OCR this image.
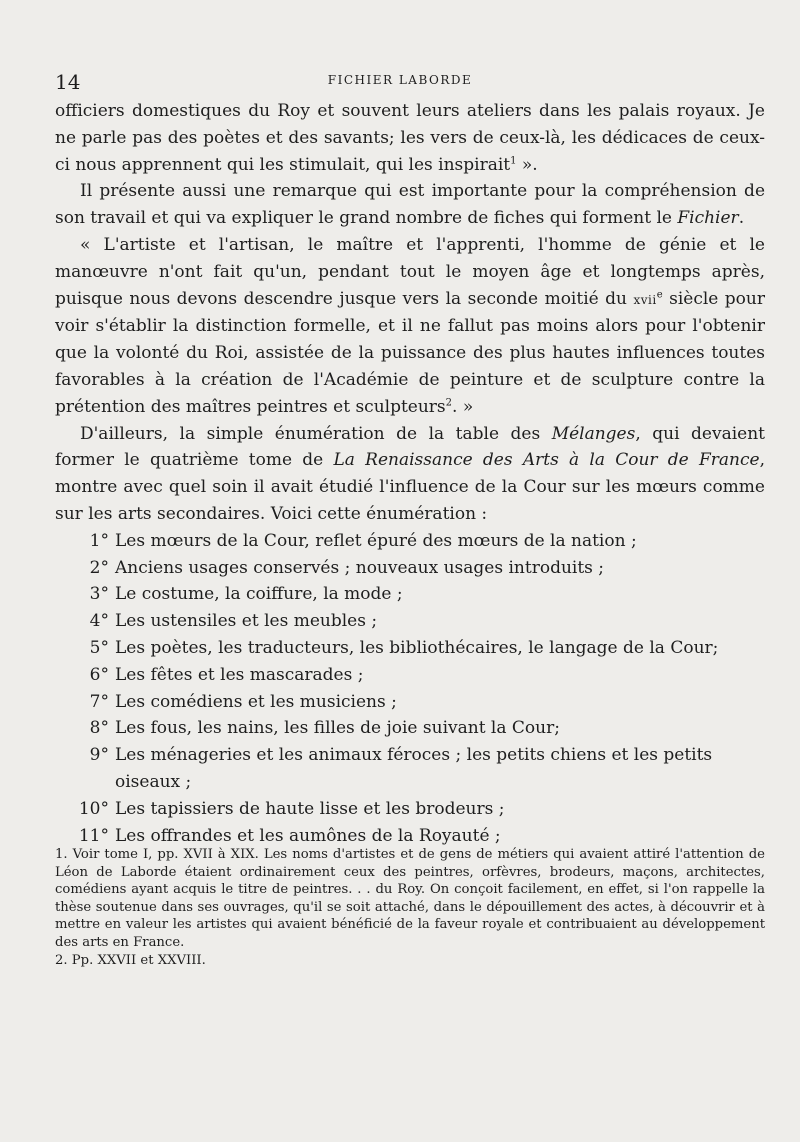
14	FICHIER LABORDE

officiers domestiques du Roy et souvent leurs ateliers dans les palais royaux. Je ne parle pas des poètes et des savants; les vers de ceux-là, les dédicaces de ceux-ci nous apprennent qui les stimulait, qui les inspirait$^1$ ».

Il présente aussi une remarque qui est importante pour la compréhension de son travail et qui va expliquer le grand nombre de fiches qui forment le Fichier.

« L'artiste et l'artisan, le maître et l'apprenti, l'homme de génie et le manœuvre n'ont fait qu'un, pendant tout le moyen âge et longtemps après, puisque nous devons descendre jusque vers la seconde moitié du xvii$^e$ siècle pour voir s'établir la distinction formelle, et il ne fallut pas moins alors pour l'obtenir que la volonté du Roi, assistée de la puissance des plus hautes influences toutes favorables à la création de l'Académie de peinture et de sculpture contre la prétention des maîtres peintres et sculpteurs$^2$. »

D'ailleurs, la simple énumération de la table des Mélanges, qui devaient former le quatrième tome de La Renaissance des Arts à la Cour de France, montre avec quel soin il avait étudié l'influence de la Cour sur les mœurs comme sur les arts secondaires. Voici cette énumération :

1° Les mœurs de la Cour, reflet épuré des mœurs de la nation ;
2° Anciens usages conservés ; nouveaux usages introduits ;
3° Le costume, la coiffure, la mode ;
4° Les ustensiles et les meubles ;
5° Les poètes, les traducteurs, les bibliothécaires, le langage de la Cour;
6° Les fêtes et les mascarades ;
7° Les comédiens et les musiciens ;
8° Les fous, les nains, les filles de joie suivant la Cour;
9° Les ménageries et les animaux féroces ; les petits chiens et les petits oiseaux ;
10° Les tapissiers de haute lisse et les brodeurs ;
11° Les offrandes et les aumônes de la Royauté ;

1. Voir tome I, pp. XVII à XIX. Les noms d'artistes et de gens de métiers qui avaient attiré l'attention de Léon de Laborde étaient ordinairement ceux des peintres, orfèvres, brodeurs, maçons, architectes, comédiens ayant acquis le titre de peintres. . . du Roy. On conçoit facilement, en effet, si l'on rappelle la thèse soutenue dans ses ouvrages, qu'il se soit attaché, dans le dépouillement des actes, à découvrir et à mettre en valeur les artistes qui avaient bénéficié de la faveur royale et contribuaient au développement des arts en France.

2. Pp. XXVII et XXVIII.
